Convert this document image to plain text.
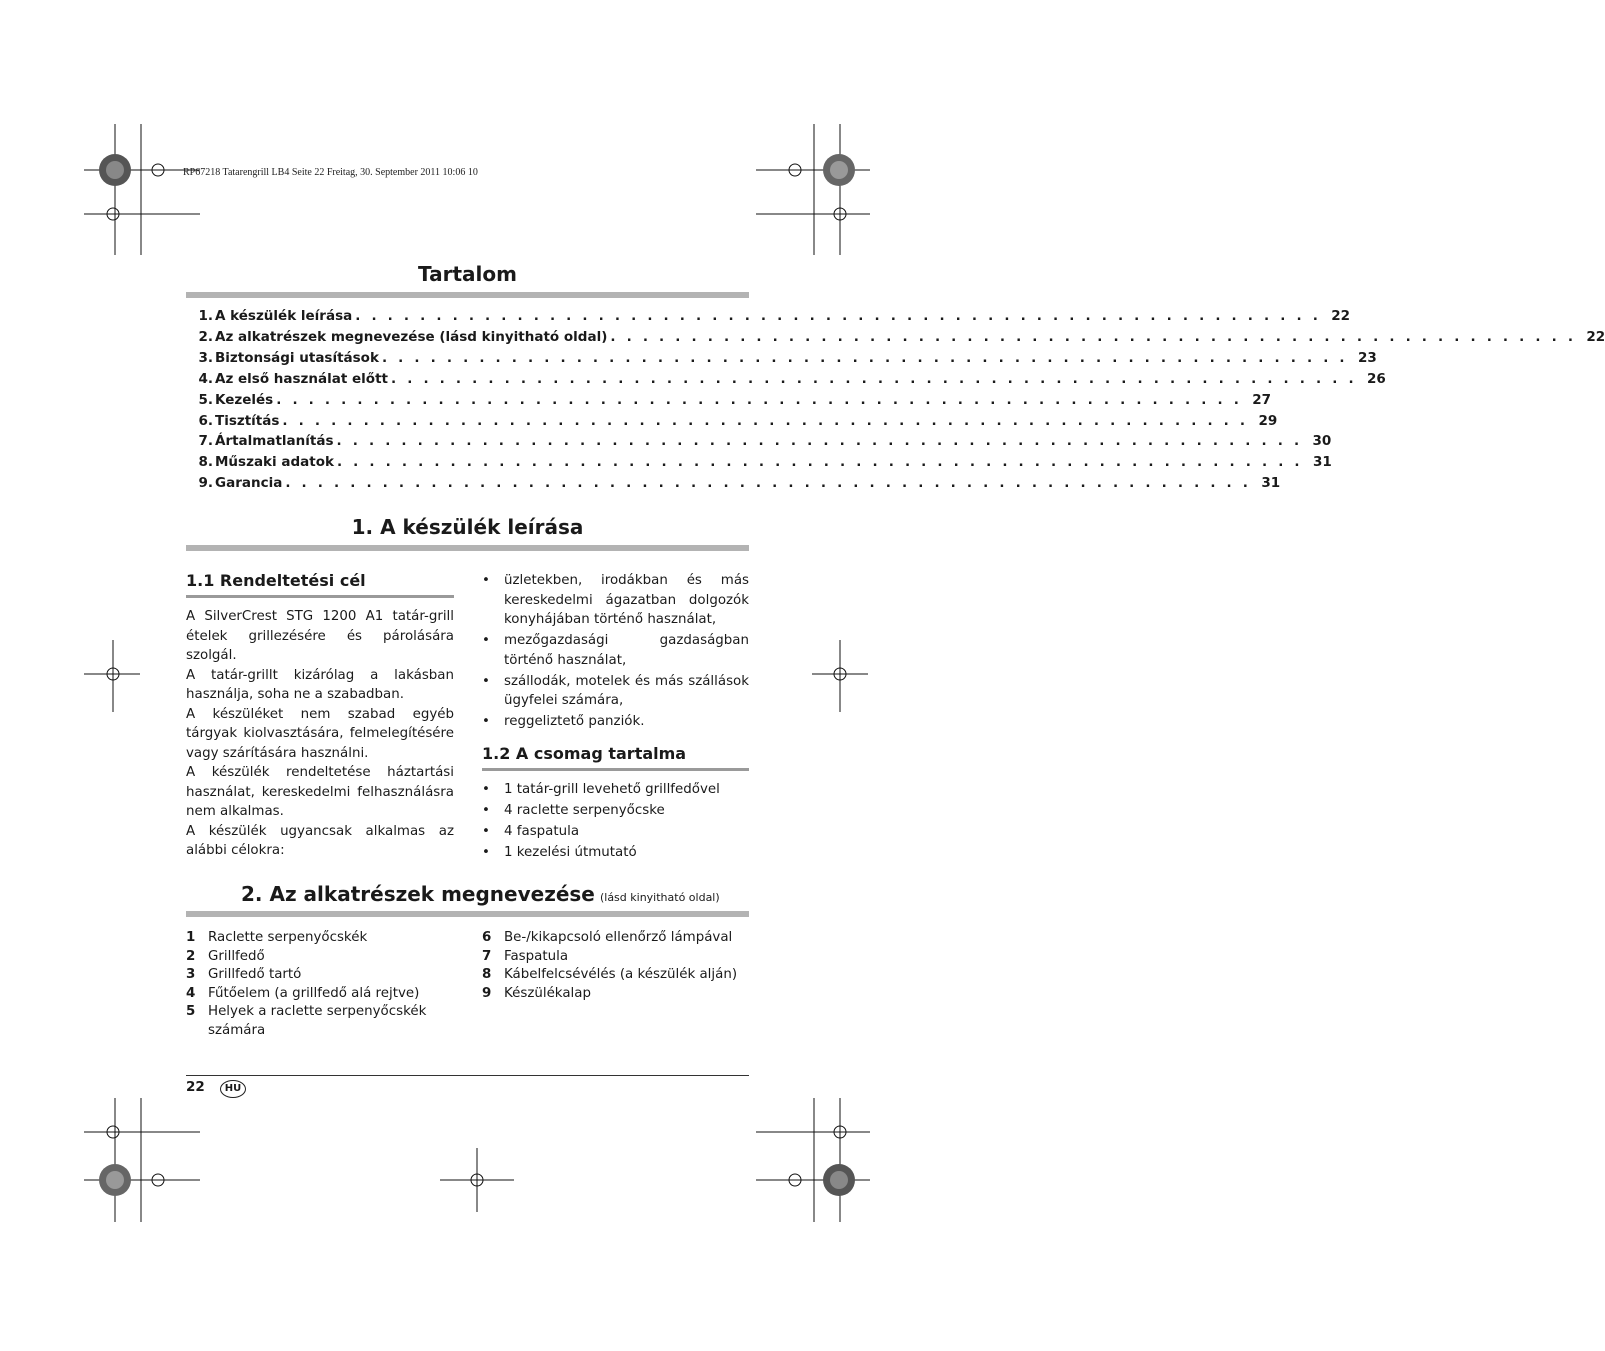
RP67218 Tatarengrill LB4 Seite 22 Freitag, 30. September 2011 10:06 10
Tartalom
1. A készülék leírása . . . . . . . . . . . . . . . . . . . . . . . . . . . . . . . . . . . . . . . . . . . . . . . . . . . . . . . . . . . . 22
2. Az alkatrészek megnevezése (lásd kinyitható oldal) . . . . . . . . . . . . . . . . . . . . . . . . . . . . . . . . . . . . . . . . . . . . . . . . . . . . . . . . . . . . 22
3. Biztonsági utasítások . . . . . . . . . . . . . . . . . . . . . . . . . . . . . . . . . . . . . . . . . . . . . . . . . . . . . . . . . . . . 23
4. Az első használat előtt . . . . . . . . . . . . . . . . . . . . . . . . . . . . . . . . . . . . . . . . . . . . . . . . . . . . . . . . . . . . 26
5. Kezelés . . . . . . . . . . . . . . . . . . . . . . . . . . . . . . . . . . . . . . . . . . . . . . . . . . . . . . . . . . . . 27
6. Tisztítás . . . . . . . . . . . . . . . . . . . . . . . . . . . . . . . . . . . . . . . . . . . . . . . . . . . . . . . . . . . . 29
7. Ártalmatlanítás . . . . . . . . . . . . . . . . . . . . . . . . . . . . . . . . . . . . . . . . . . . . . . . . . . . . . . . . . . . . 30
8. Műszaki adatok . . . . . . . . . . . . . . . . . . . . . . . . . . . . . . . . . . . . . . . . . . . . . . . . . . . . . . . . . . . . 31
9. Garancia . . . . . . . . . . . . . . . . . . . . . . . . . . . . . . . . . . . . . . . . . . . . . . . . . . . . . . . . . . . . 31
1. A készülék leírása
1.1 Rendeltetési cél
A SilverCrest STG 1200 A1 tatár-grill ételek grillezésére és párolására szolgál.
A tatár-grillt kizárólag a lakásban használja, soha ne a szabadban.
A készüléket nem szabad egyéb tárgyak kiolvasztására, felmelegítésére vagy szárítására használni.
A készülék rendeltetése háztartási használat, kereskedelmi felhasználásra nem alkalmas.
A készülék ugyancsak alkalmas az alábbi célokra:
• üzletekben, irodákban és más kereskedelmi ágazatban dolgozók konyhájában történő használat,
• mezőgazdasági gazdaságban történő használat,
• szállodák, motelek és más szállások ügyfelei számára,
• reggeliztető panziók.
1.2 A csomag tartalma
• 1 tatár-grill levehető grillfedővel
• 4 raclette serpenyőcske
• 4 faspatula
• 1 kezelési útmutató
2. Az alkatrészek megnevezése (lásd kinyitható oldal)
1 Raclette serpenyőcskék
2 Grillfedő
3 Grillfedő tartó
4 Fűtőelem (a grillfedő alá rejtve)
5 Helyek a raclette serpenyőcskék számára
6 Be-/kikapcsoló ellenőrző lámpával
7 Faspatula
8 Kábelfelcsévélés (a készülék alján)
9 Készülékalap
22	HU
